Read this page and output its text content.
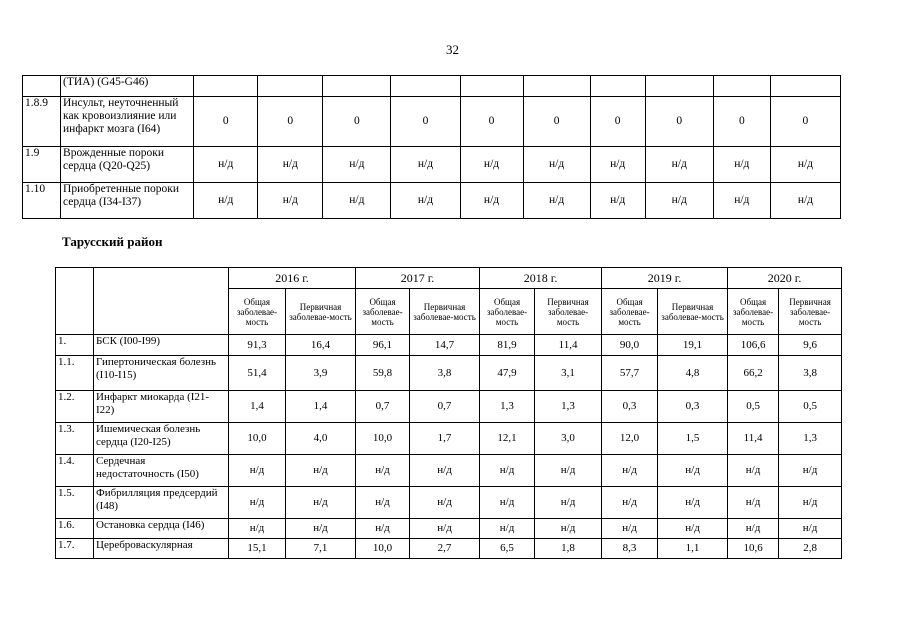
32
	(ТИА) (G45-G46)										
1.8.9	Инсульт, неуточненный как кровоизлияние или инфаркт мозга (I64)	0	0	0	0	0	0	0	0	0	0
1.9	Врожденные пороки сердца (Q20-Q25)	н/д	н/д	н/д	н/д	н/д	н/д	н/д	н/д	н/д	н/д
1.10	Приобретенные пороки сердца (I34-I37)	н/д	н/д	н/д	н/д	н/д	н/д	н/д	н/д	н/д	н/д
Тарусский район
		2016 г.		2017 г.		2018 г.		2019 г.		2020 г.	
		Общая заболевае-мость	Первичная заболевае-мость	Общая заболевае-мость	Первичная заболевае-мость	Общая заболевае-мость	Первичная заболевае-мость	Общая заболевае-мость	Первичная заболевае-мость	Общая заболевае-мость	Первичная заболевае-мость
1.	БСК (I00-I99)	91,3	16,4	96,1	14,7	81,9	11,4	90,0	19,1	106,6	9,6
1.1.	Гипертоническая болезнь (I10-I15)	51,4	3,9	59,8	3,8	47,9	3,1	57,7	4,8	66,2	3,8
1.2.	Инфаркт миокарда (I21-I22)	1,4	1,4	0,7	0,7	1,3	1,3	0,3	0,3	0,5	0,5
1.3.	Ишемическая болезнь сердца (I20-I25)	10,0	4,0	10,0	1,7	12,1	3,0	12,0	1,5	11,4	1,3
1.4.	Сердечная недостаточность (I50)	н/д	н/д	н/д	н/д	н/д	н/д	н/д	н/д	н/д	н/д
1.5.	Фибрилляция предсердий (I48)	н/д	н/д	н/д	н/д	н/д	н/д	н/д	н/д	н/д	н/д
1.6.	Остановка сердца (I46)	н/д	н/д	н/д	н/д	н/д	н/д	н/д	н/д	н/д	н/д
1.7.	Цереброваскулярная	15,1	7,1	10,0	2,7	6,5	1,8	8,3	1,1	10,6	2,8
